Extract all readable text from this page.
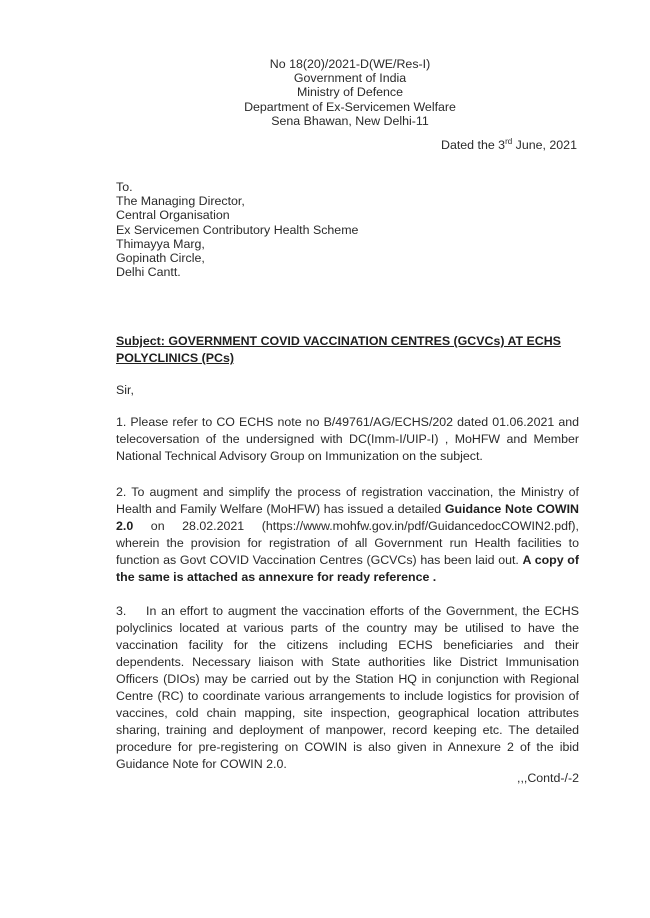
No 18(20)/2021-D(WE/Res-I)
Government of India
Ministry of Defence
Department of Ex-Servicemen Welfare
Sena Bhawan, New Delhi-11
Dated the 3rd June, 2021
To.
The Managing Director,
Central Organisation
Ex Servicemen Contributory Health Scheme
Thimayya Marg,
Gopinath Circle,
Delhi Cantt.
Subject: GOVERNMENT COVID VACCINATION CENTRES (GCVCs) AT ECHS POLYCLINICS (PCs)
Sir,
1. Please refer to CO ECHS note no B/49761/AG/ECHS/202 dated 01.06.2021 and telecoversation of the undersigned with DC(Imm-I/UIP-I) , MoHFW and Member National Technical Advisory Group on Immunization on the subject.
2. To augment and simplify the process of registration vaccination, the Ministry of Health and Family Welfare (MoHFW) has issued a detailed Guidance Note COWIN 2.0 on 28.02.2021 (https://www.mohfw.gov.in/pdf/GuidancedocCOWIN2.pdf), wherein the provision for registration of all Government run Health facilities to function as Govt COVID Vaccination Centres (GCVCs) has been laid out. A copy of the same is attached as annexure for ready reference .
3. In an effort to augment the vaccination efforts of the Government, the ECHS polyclinics located at various parts of the country may be utilised to have the vaccination facility for the citizens including ECHS beneficiaries and their dependents. Necessary liaison with State authorities like District Immunisation Officers (DIOs) may be carried out by the Station HQ in conjunction with Regional Centre (RC) to coordinate various arrangements to include logistics for provision of vaccines, cold chain mapping, site inspection, geographical location attributes sharing, training and deployment of manpower, record keeping etc. The detailed procedure for pre-registering on COWIN is also given in Annexure 2 of the ibid Guidance Note for COWIN 2.0.
,,,Contd-/-2
